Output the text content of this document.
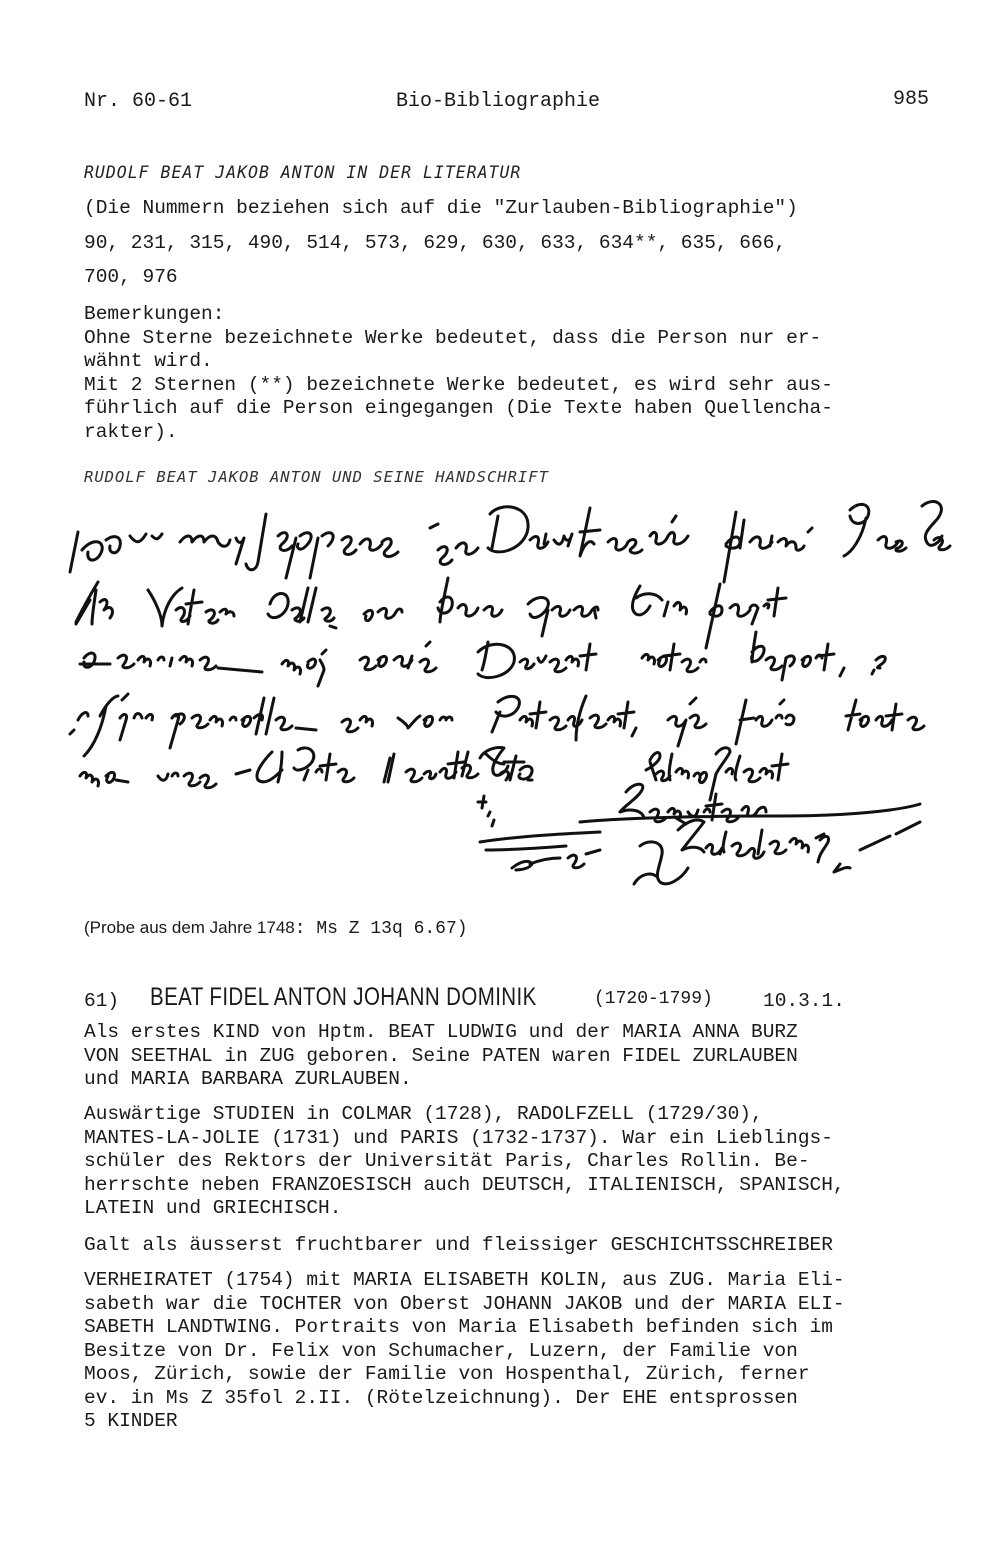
Nr. 60-61	Bio-Bibliographie	985
RUDOLF BEAT JAKOB ANTON IN DER LITERATUR
(Die Nummern beziehen sich auf die "Zurlauben-Bibliographie")
90, 231, 315, 490, 514, 573, 629, 630, 633, 634**, 635, 666,
700, 976
Bemerkungen:
Ohne Sterne bezeichnete Werke bedeutet, dass die Person nur er-
wähnt wird.
Mit 2 Sternen (**) bezeichnete Werke bedeutet, es wird sehr aus-
führlich auf die Person eingegangen (Die Texte haben Quellencha-
rakter).
RUDOLF BEAT JAKOB ANTON UND SEINE HANDSCHRIFT
(Probe aus dem Jahre 1748: Ms Z 13q 6.67)
61) BEAT FIDEL ANTON JOHANN DOMINIK	(1720-1799)	10.3.1.
Als erstes KIND von Hptm. BEAT LUDWIG und der MARIA ANNA BURZ
VON SEETHAL in ZUG geboren. Seine PATEN waren FIDEL ZURLAUBEN
und MARIA BARBARA ZURLAUBEN.
Auswärtige STUDIEN in COLMAR (1728), RADOLFZELL (1729/30),
MANTES-LA-JOLIE (1731) und PARIS (1732-1737). War ein Lieblings-
schüler des Rektors der Universität Paris, Charles Rollin. Be-
herrschte neben FRANZOESISCH auch DEUTSCH, ITALIENISCH, SPANISCH,
LATEIN und GRIECHISCH.
Galt als äusserst fruchtbarer und fleissiger GESCHICHTSSCHREIBER
VERHEIRATET (1754) mit MARIA ELISABETH KOLIN, aus ZUG. Maria Eli-
sabeth war die TOCHTER von Oberst JOHANN JAKOB und der MARIA ELI-
SABETH LANDTWING. Portraits von Maria Elisabeth befinden sich im
Besitze von Dr. Felix von Schumacher, Luzern, der Familie von
Moos, Zürich, sowie der Familie von Hospenthal, Zürich, ferner
ev. in Ms Z 35fol 2.II. (Rötelzeichnung). Der EHE entsprossen
5 KINDER
